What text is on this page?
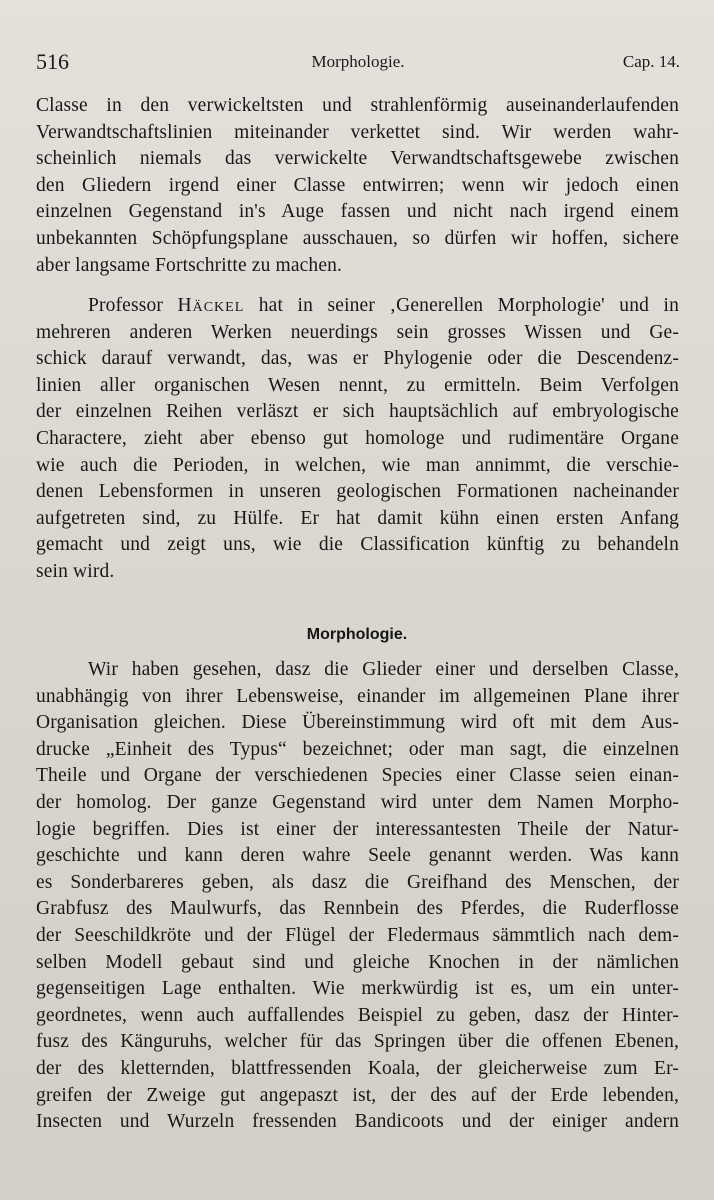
Morphologie.
516	Cap. 14.
Classe in den verwickeltsten und strahlenförmig auseinanderlaufenden
Verwandtschaftslinien miteinander verkettet sind. Wir werden wahr-
scheinlich niemals das verwickelte Verwandtschaftsgewebe zwischen
den Gliedern irgend einer Classe entwirren; wenn wir jedoch einen
einzelnen Gegenstand in's Auge fassen und nicht nach irgend einem
unbekannten Schöpfungsplane ausschauen, so dürfen wir hoffen, sichere
aber langsame Fortschritte zu machen.
Professor Häckel hat in seiner ‚Generellen Morphologie' und in
mehreren anderen Werken neuerdings sein grosses Wissen und Ge-
schick darauf verwandt, das, was er Phylogenie oder die Descendenz-
linien aller organischen Wesen nennt, zu ermitteln. Beim Verfolgen
der einzelnen Reihen verläszt er sich hauptsächlich auf embryologische
Charactere, zieht aber ebenso gut homologe und rudimentäre Organe
wie auch die Perioden, in welchen, wie man annimmt, die verschie-
denen Lebensformen in unseren geologischen Formationen nacheinander
aufgetreten sind, zu Hülfe. Er hat damit kühn einen ersten Anfang
gemacht und zeigt uns, wie die Classification künftig zu behandeln
sein wird.
Morphologie.
Wir haben gesehen, dasz die Glieder einer und derselben Classe,
unabhängig von ihrer Lebensweise, einander im allgemeinen Plane ihrer
Organisation gleichen. Diese Übereinstimmung wird oft mit dem Aus-
drucke „Einheit des Typus“ bezeichnet; oder man sagt, die einzelnen
Theile und Organe der verschiedenen Species einer Classe seien einan-
der homolog. Der ganze Gegenstand wird unter dem Namen Morpho-
logie begriffen. Dies ist einer der interessantesten Theile der Natur-
geschichte und kann deren wahre Seele genannt werden. Was kann
es Sonderbareres geben, als dasz die Greifhand des Menschen, der
Grabfusz des Maulwurfs, das Rennbein des Pferdes, die Ruderflosse
der Seeschildkröte und der Flügel der Fledermaus sämmtlich nach dem-
selben Modell gebaut sind und gleiche Knochen in der nämlichen
gegenseitigen Lage enthalten. Wie merkwürdig ist es, um ein unter-
geordnetes, wenn auch auffallendes Beispiel zu geben, dasz der Hinter-
fusz des Känguruhs, welcher für das Springen über die offenen Ebenen,
der des kletternden, blattfressenden Koala, der gleicherweise zum Er-
greifen der Zweige gut angepaszt ist, der des auf der Erde lebenden,
Insecten und Wurzeln fressenden Bandicoots und der einiger andern
